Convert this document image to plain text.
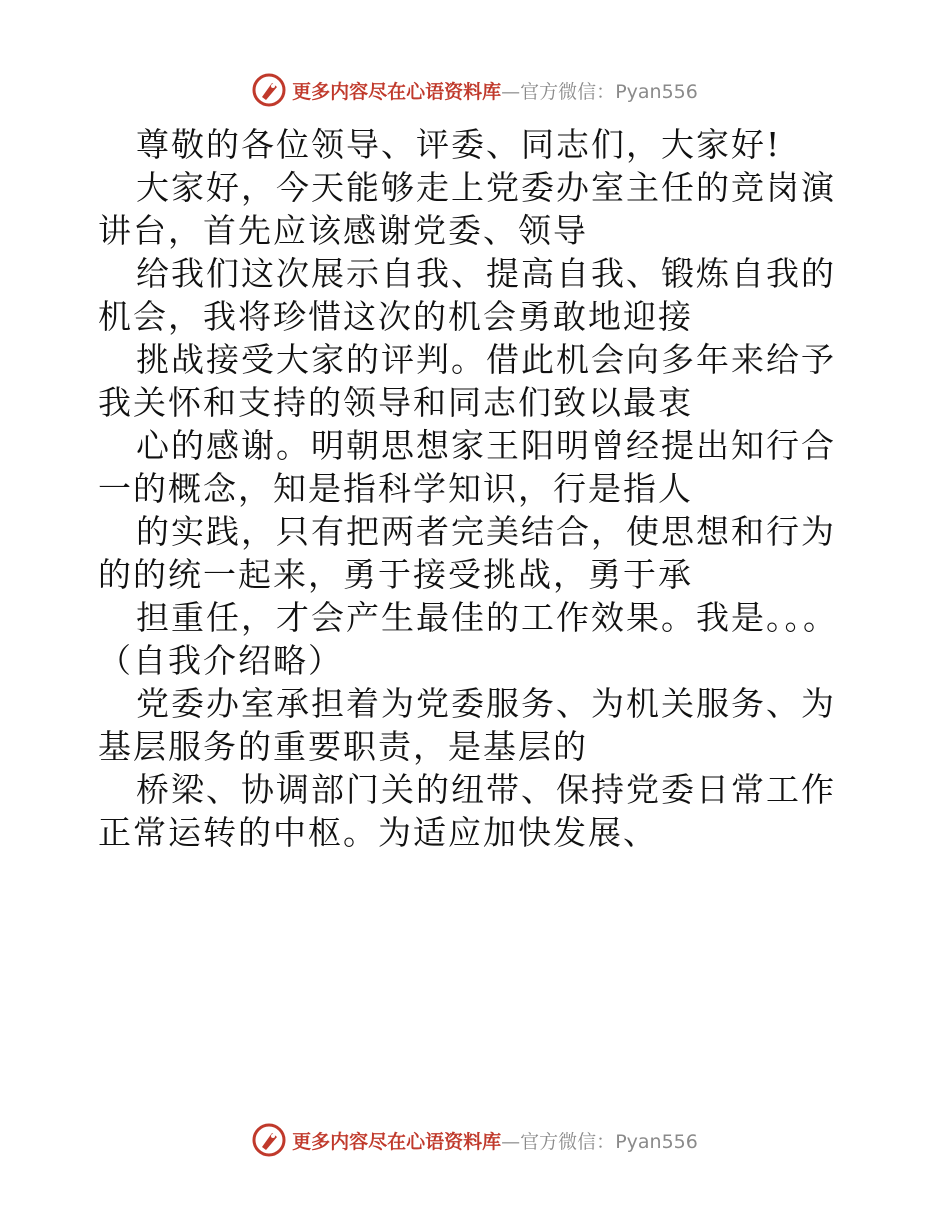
更多内容尽在心语资料库—官方微信：Pyan556

尊敬的各位领导、评委、同志们，大家好!

大家好，今天能够走上党委办室主任的竞岗演讲台，首先应该感谢党委、领导

给我们这次展示自我、提高自我、锻炼自我的机会，我将珍惜这次的机会勇敢地迎接

挑战接受大家的评判。借此机会向多年来给予我关怀和支持的领导和同志们致以最衷

心的感谢。明朝思想家王阳明曾经提出知行合一的概念，知是指科学知识，行是指人

的实践，只有把两者完美结合，使思想和行为的的统一起来，勇于接受挑战，勇于承

担重任，才会产生最佳的工作效果。我是。。。（自我介绍略）

党委办室承担着为党委服务、为机关服务、为基层服务的重要职责，是基层的

桥梁、协调部门关的纽带、保持党委日常工作正常运转的中枢。为适应加快发展、

更多内容尽在心语资料库—官方微信：Pyan556
